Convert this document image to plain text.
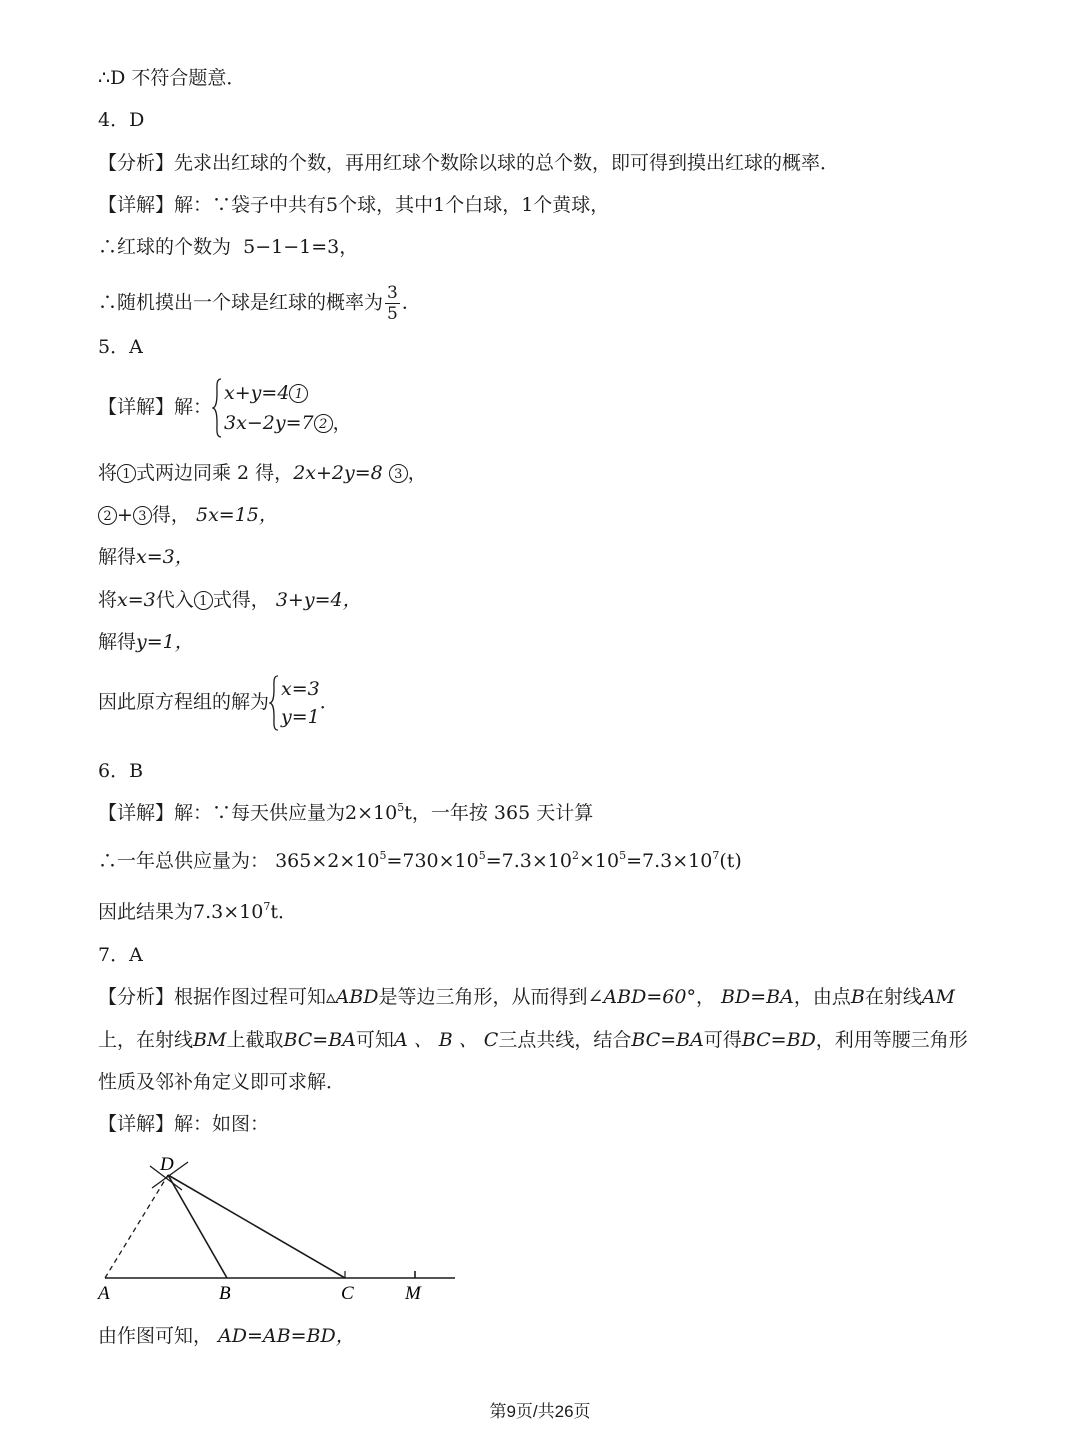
∴D 不符合题意．
4．D
【分析】先求出红球的个数，再用红球个数除以球的总个数，即可得到摸出红球的概率．
【详解】解：∵袋子中共有5个球，其中1个白球，1个黄球，
∴红球的个数为 5−1−1=3，
∴随机摸出一个球是红球的概率为 $\frac{3}{5}$ ．
5．A
【详解】解：
x+y=4 1
3x−2y=7 2 ，
将 1 式两边同乘 2 得，2x+2y=8 3 ，
2 + 3 得， 5x=15，
解得x=3，
将x=3代入 1 式得， 3+y=4，
解得y=1，
因此原方程组的解为
x=3
y=1
．
6．B
【详解】解：∵每天供应量为$2\times 10^5t$，一年按 365 天计算
∴一年总供应量为： $365\times 2\times 10^5=730\times 10^5=7.3\times 10^2\times 10^5=7.3\times 10^7(t)$
因此结果为$7.3\times 10^7t$．
7．A
【分析】根据作图过程可知▵ABD是等边三角形，从而得到∠ABD=60°， BD=BA，由点B在射线AM
上，在射线BM上截取BC=BA可知A 、 B 、 C三点共线，结合BC=BA可得BC=BD，利用等腰三角形
性质及邻补角定义即可求解．
【详解】解：如图：
D
A	B	C	M
由作图可知， AD=AB=BD，
第9页/共26页
